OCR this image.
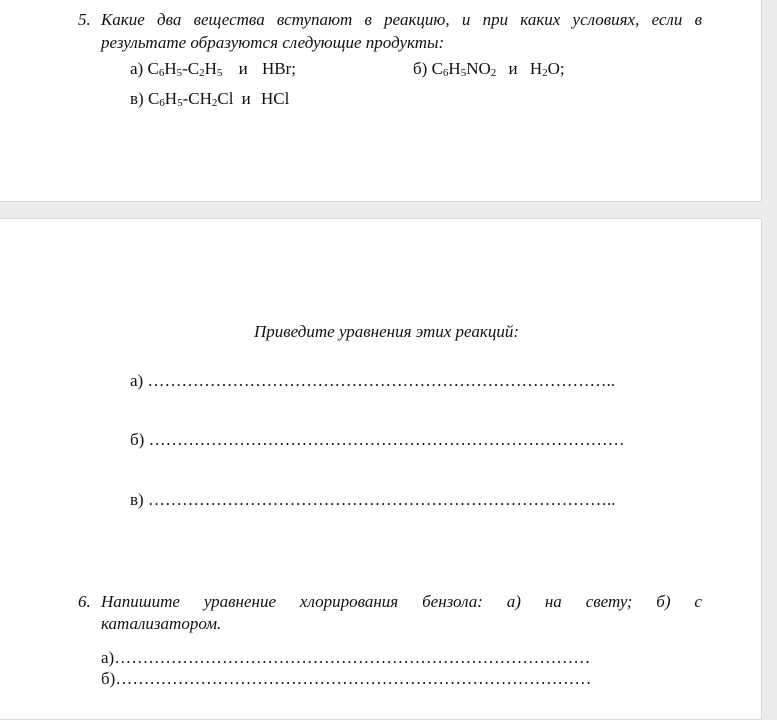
5. Какие два вещества вступают в реакцию, и при каких условиях, если в
результате образуются следующие продукты:
а) $C_6H_5-C_2H_5$ и HBr;	б) $C_6H_5NO_2$ и $H_2O$;
в) $C_6H_5-CH_2Cl$ и HCl
Приведите уравнения этих реакций:
а) ………………………………………………………………………..
б) …………………………………………………………………………
в) ………………………………………………………………………..
6. Напишите уравнение хлорирования бензола: а) на свету; б) с
катализатором.
а)…………………………………………………………………………
б)…………………………………………………………………………
